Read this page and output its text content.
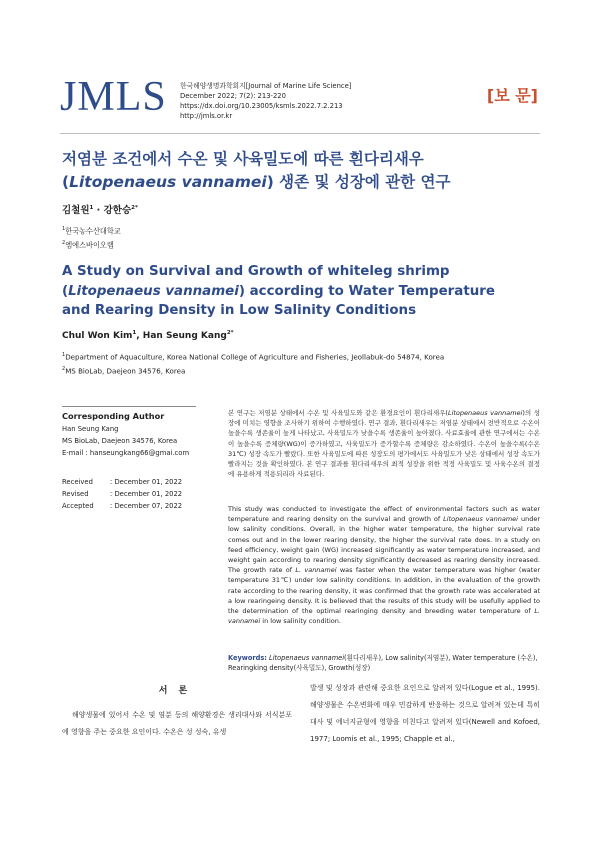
JMLS 한국해양생명과학회지[Journal of Marine Life Science]
December 2022; 7(2): 213-220
https://dx.doi.org/10.23005/ksmls.2022.7.2.213
http://jmls.or.kr
[보 문]
저염분 조건에서 수온 및 사육밀도에 따른 흰다리새우
(Litopenaeus vannamei) 생존 및 성장에 관한 연구
김철원$^1$ · 강한승$^{2*}$
$^1$한국농수산대학교
$^2$엠에스바이오랩
A Study on Survival and Growth of whiteleg shrimp
(Litopenaeus vannamei) according to Water Temperature
and Rearing Density in Low Salinity Conditions
Chul Won Kim$^1$, Han Seung Kang$^{2*}$
$^1$Department of Aquaculture, Korea National College of Agriculture and Fisheries, Jeollabuk-do 54874, Korea
$^2$MS BioLab, Daejeon 34576, Korea
Corresponding Author
Han Seung Kang
MS BioLab, Daejeon 34576, Korea
E-mail : hanseungkang66@gmai.com
Received	: December 01, 2022
Revised	: December 01, 2022
Accepted : December 07, 2022
본 연구는 저염분 상태에서 수온 및 사육밀도와 같은 환경요인이 흰다리새우(Litopenaeus vannamei)의 성장에 미치는 영향을 조사하기 위하여 수행하였다. 연구 결과, 흰다리새우는 저염분 상태에서 전반적으로 수온이 높을수록 생존율이 높게 나타났고, 사육밀도가 낮을수록 생존율이 높아졌다. 사료효율에 관한 연구에서는 수온이 높을수록 증체량(WG)이 증가하였고, 사육밀도가 증가할수록 증체량은 감소하였다. 수온이 높을수록(수온 31℃) 성장 속도가 빨랐다. 또한 사육밀도에 따른 성장도의 평가에서도 사육밀도가 낮은 상태에서 성장 속도가 빨라지는 것을 확인하였다. 본 연구 결과를 흰다리새우의 최적 성장을 위한 적정 사육밀도 및 사육수온의 결정에 유용하게 적용되리라 사료된다.
This study was conducted to investigate the effect of environmental factors such as water temperature and rearing density on the survival and growth of Litopenaeus vannamei under low salinity conditions. Overall, in the higher water temperature, the higher survival rate comes out and in the lower rearing density, the higher the survival rate does. In a study on feed efficiency, weight gain (WG) increased significantly as water temperature increased, and weight gain according to rearing density significantly decreased as rearing density increased. The growth rate of L. vannamei was faster when the water temperature was higher (water temperature 31℃) under low salinity conditions. In addition, in the evaluation of the growth rate according to the rearing density, it was confirmed that the growth rate was accelerated at a low rearingeing density. It is believed that the results of this study will be usefully applied to the determination of the optimal rearinging density and breeding water temperature of L. vannamei in low salinity condition.
Keywords: Litopenaeus vannamei(흰다리새우), Low salinity(저염분), Water temperature (수온), Rearingking density(사육밀도), Growth(성장)
서 론
해양생물에 있어서 수온 및 염분 등의 해양환경은 생리대사와 서식분포에 영향을 주는 중요한 요인이다. 수온은 성 성숙, 유생
발생 및 성장과 관련해 중요한 요인으로 알려져 있다(Logue et al., 1995). 해양생물은 수온변화에 매우 민감하게 반응하는 것으로 알려져 있는데 특히 대사 및 에너지균형에 영향을 미친다고 알려져 있다(Newell and Kofoed, 1977; Loomis et al., 1995; Chapple et al.,
